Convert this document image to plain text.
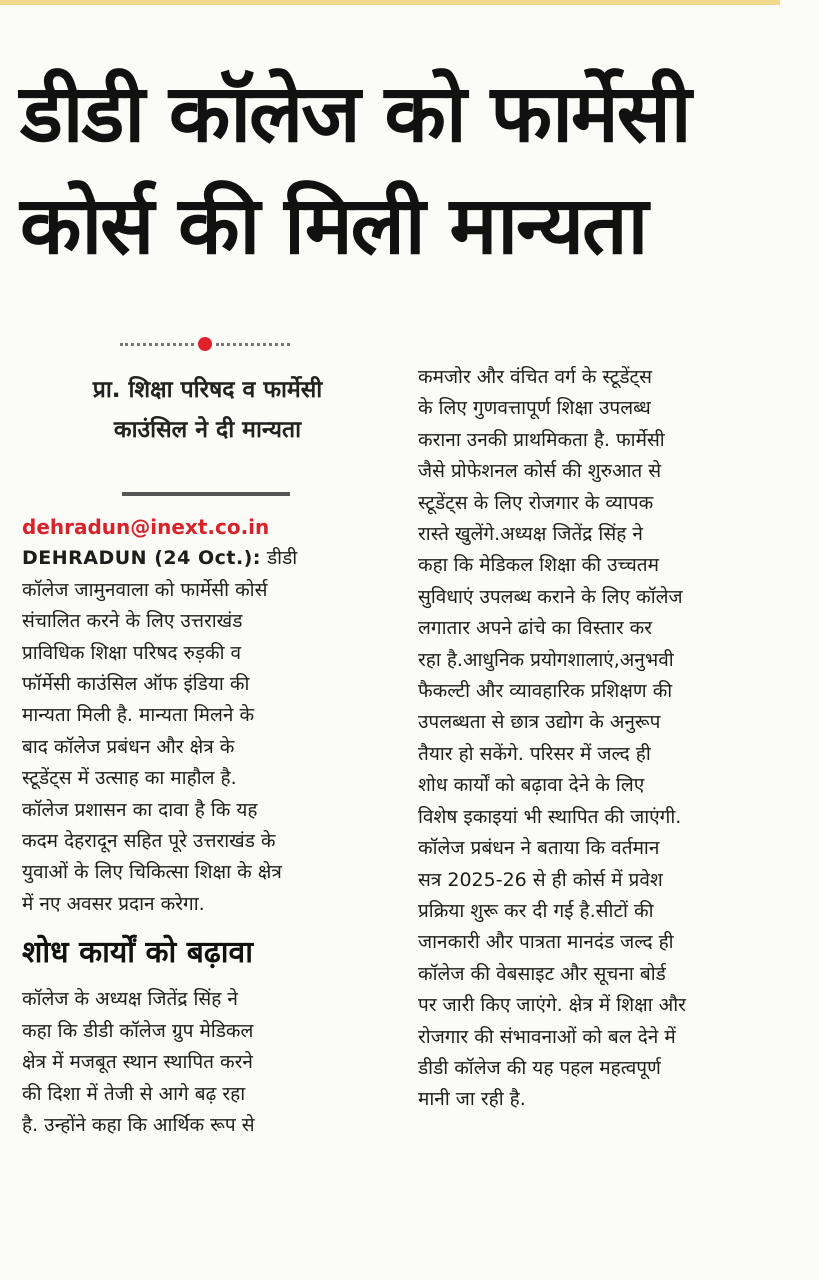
डीडी कॉलेज को फार्मेसी
कोर्स की मिली मान्यता
प्रा. शिक्षा परिषद व फार्मेसी
काउंसिल ने दी मान्यता
dehradun@inext.co.in
DEHRADUN (24 Oct.): डीडी
कॉलेज जामुनवाला को फार्मेसी कोर्स
संचालित करने के लिए उत्तराखंड
प्राविधिक शिक्षा परिषद रुड़की व
फॉर्मेसी काउंसिल ऑफ इंडिया की
मान्यता मिली है. मान्यता मिलने के
बाद कॉलेज प्रबंधन और क्षेत्र के
स्टूडेंट्स में उत्साह का माहौल है.
कॉलेज प्रशासन का दावा है कि यह
कदम देहरादून सहित पूरे उत्तराखंड के
युवाओं के लिए चिकित्सा शिक्षा के क्षेत्र
में नए अवसर प्रदान करेगा.
शोध कार्यों को बढ़ावा
कॉलेज के अध्यक्ष जितेंद्र सिंह ने
कहा कि डीडी कॉलेज ग्रुप मेडिकल
क्षेत्र में मजबूत स्थान स्थापित करने
की दिशा में तेजी से आगे बढ़ रहा
है. उन्होंने कहा कि आर्थिक रूप से
कमजोर और वंचित वर्ग के स्टूडेंट्स
के लिए गुणवत्तापूर्ण शिक्षा उपलब्ध
कराना उनकी प्राथमिकता है. फार्मेसी
जैसे प्रोफेशनल कोर्स की शुरुआत से
स्टूडेंट्स के लिए रोजगार के व्यापक
रास्ते खुलेंगे.अध्यक्ष जितेंद्र सिंह ने
कहा कि मेडिकल शिक्षा की उच्चतम
सुविधाएं उपलब्ध कराने के लिए कॉलेज
लगातार अपने ढांचे का विस्तार कर
रहा है.आधुनिक प्रयोगशालाएं,अनुभवी
फैकल्टी और व्यावहारिक प्रशिक्षण की
उपलब्धता से छात्र उद्योग के अनुरूप
तैयार हो सकेंगे. परिसर में जल्द ही
शोध कार्यों को बढ़ावा देने के लिए
विशेष इकाइयां भी स्थापित की जाएंगी.
कॉलेज प्रबंधन ने बताया कि वर्तमान
सत्र 2025-26 से ही कोर्स में प्रवेश
प्रक्रिया शुरू कर दी गई है.सीटों की
जानकारी और पात्रता मानदंड जल्द ही
कॉलेज की वेबसाइट और सूचना बोर्ड
पर जारी किए जाएंगे. क्षेत्र में शिक्षा और
रोजगार की संभावनाओं को बल देने में
डीडी कॉलेज की यह पहल महत्वपूर्ण
मानी जा रही है.
